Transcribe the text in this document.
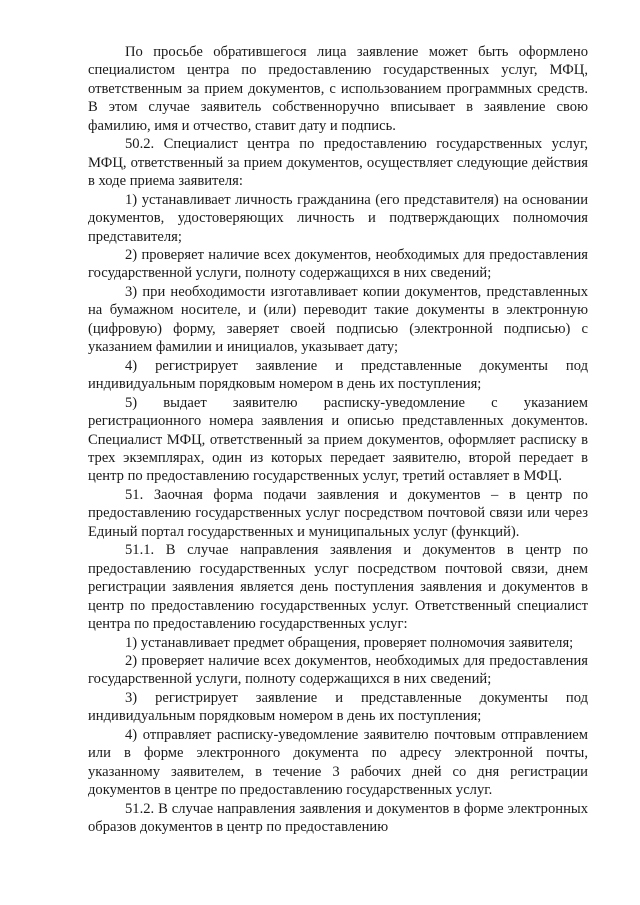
По просьбе обратившегося лица заявление может быть оформлено специалистом центра по предоставлению государственных услуг, МФЦ, ответственным за прием документов, с использованием программных средств. В этом случае заявитель собственноручно вписывает в заявление свою фамилию, имя и отчество, ставит дату и подпись.

50.2. Специалист центра по предоставлению государственных услуг, МФЦ, ответственный за прием документов, осуществляет следующие действия в ходе приема заявителя:

1) устанавливает личность гражданина (его представителя) на основании документов, удостоверяющих личность и подтверждающих полномочия представителя;

2) проверяет наличие всех документов, необходимых для предоставления государственной услуги, полноту содержащихся в них сведений;

3) при необходимости изготавливает копии документов, представленных на бумажном носителе, и (или) переводит такие документы в электронную (цифровую) форму, заверяет своей подписью (электронной подписью) с указанием фамилии и инициалов, указывает дату;

4) регистрирует заявление и представленные документы под индивидуальным порядковым номером в день их поступления;

5) выдает заявителю расписку-уведомление с указанием регистрационного номера заявления и описью представленных документов. Специалист МФЦ, ответственный за прием документов, оформляет расписку в трех экземплярах, один из которых передает заявителю, второй передает в центр по предоставлению государственных услуг, третий оставляет в МФЦ.

51. Заочная форма подачи заявления и документов – в центр по предоставлению государственных услуг посредством почтовой связи или через Единый портал государственных и муниципальных услуг (функций).

51.1. В случае направления заявления и документов в центр по предоставлению государственных услуг посредством почтовой связи, днем регистрации заявления является день поступления заявления и документов в центр по предоставлению государственных услуг. Ответственный специалист центра по предоставлению государственных услуг:

1) устанавливает предмет обращения, проверяет полномочия заявителя;

2) проверяет наличие всех документов, необходимых для предоставления государственной услуги, полноту содержащихся в них сведений;

3) регистрирует заявление и представленные документы под индивидуальным порядковым номером в день их поступления;

4) отправляет расписку-уведомление заявителю почтовым отправлением или в форме электронного документа по адресу электронной почты, указанному заявителем, в течение 3 рабочих дней со дня регистрации документов в центре по предоставлению государственных услуг.

51.2. В случае направления заявления и документов в форме электронных образов документов в центр по предоставлению
